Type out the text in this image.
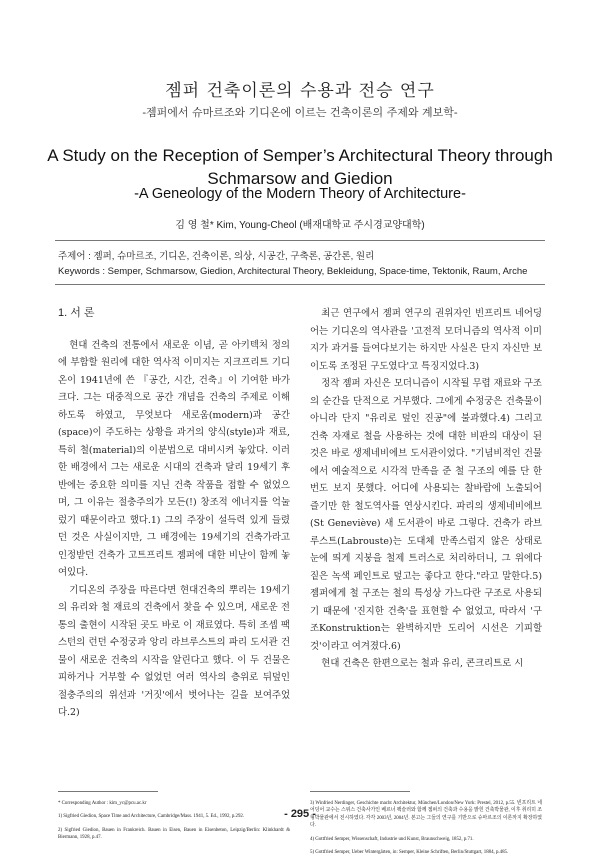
젬퍼 건축이론의 수용과 전승 연구
-젬퍼에서 슈마르조와 기디온에 이르는 건축이론의 주제와 계보학-
A Study on the Reception of Semper’s Architectural Theory through
Schmarsow and Giedion
-A Geneology of the Modern Theory of Architecture-
김 영 철* Kim, Young-Cheol (배재대학교 주시경교양대학)
주제어 : 젬퍼, 슈마르조, 기디온, 건축이론, 의상, 시공간, 구축론, 공간론, 원리
Keywords : Semper, Schmarsow, Giedion, Architectural Theory, Bekleidung, Space-time, Tektonik, Raum, Arche

1. 서 론

현대 건축의 전통에서 새로운 이념, 곧 아키텍처 정의에 부합할 원리에 대한 역사적 이미지는 지크프리트 기디온이 1941년에 쓴 『공간, 시간, 건축』이 기여한 바가 크다. 그는 대중적으로 공간 개념을 건축의 주제로 이해하도록 하였고, 무엇보다 새로움(modern)과 공간(space)이 주도하는 상황을 과거의 양식(style)과 재료, 특히 철(material)의 이분법으로 대비시켜 놓았다. 이러한 배경에서 그는 새로운 시대의 건축과 달리 19세기 후반에는 중요한 의미를 지닌 건축 작품을 접할 수 없었으며, 그 이유는 절충주의가 모든(!) 창조적 에너지를 억눌렀기 때문이라고 했다.1) 그의 주장이 설득력 있게 들렸던 것은 사실이지만, 그 배경에는 19세기의 건축가라고 인정받던 건축가 고트프리트 젬퍼에 대한 비난이 함께 놓여있다.

기디온의 주장을 따른다면 현대건축의 뿌리는 19세기의 유리와 철 재료의 건축에서 찾을 수 있으며, 새로운 전통의 출현이 시작된 곳도 바로 이 재료였다. 특히 조셉 팩스턴의 런던 수정궁과 앙리 라브루스트의 파리 도서관 건물이 새로운 건축의 시작을 알린다고 했다. 이 두 건물은 피하거나 거부할 수 없었던 여러 역사의 층위로 뒤덮인 절충주의의 위선과 '거짓'에서 벗어나는 길을 보여주었다.2)

최근 연구에서 젬퍼 연구의 권위자인 빈프리트 네어딩어는 기디온의 역사관을 '고전적 모더니즘의 역사적 이미지가 과거를 들여다보기는 하지만 사실은 단지 자신만 보이도록 조정된 구도였다'고 특징지었다.3)

정작 젬퍼 자신은 모더니즘이 시작될 무렵 재료와 구조의 순간을 단적으로 거부했다. 그에게 수정궁은 건축물이 아니라 단지 "유리로 덮인 진공"에 불과했다.4) 그리고 건축 자재로 철을 사용하는 것에 대한 비판의 대상이 된 것은 바로 생제네비에브 도서관이었다. "기념비적인 건물에서 예술적으로 시각적 만족을 준 철 구조의 예를 단 한 번도 보지 못했다. 어디에 사용되는 찰바람에 노출되어 즐기만 한 철도역사를 연상시킨다. 파리의 생제네비에브(St Geneviève) 새 도서관이 바로 그렇다. 건축가 라브루스트(Labrouste)는 도대체 만족스럽지 않은 상태로 눈에 띄게 지붕을 철제 트러스로 처리하더니, 그 위에다 짙은 녹색 페인트로 덮고는 좋다고 한다."라고 말한다.5) 젬퍼에게 철 구조는 철의 특성상 가느다란 구조로 사용되기 때문에 '진지한 건축'을 표현할 수 없었고, 따라서 '구조Konstruktion는 완벽하지만 도리어 시선은 기피할 것'이라고 여겨졌다.6)

현대 건축은 한편으로는 철과 유리, 콘크리트로 시

* Corresponding Author : kim_yc@pcu.ac.kr

1) Sigfried Giedion, Space Time and Architecture, Cambridge/Mass. 1941, 5. Ed., 1992, p.292.

2) Sigfried Giedion, Bauen in Frankreich. Bauen in Eisen, Bauen in Eisenbeton, Leipzig/Berlin: Klinkhardt & Biermann, 1928, p.47.

3) Winfried Nerdinger, Geschichte macht Architektur, München/London/New York: Prestel, 2012, p.55. 빈프리트 네어딩어 교수는 스위스 건축사가인 베르너 왝슬러와 함께 젬퍼의 건축과 수용을 밝힌 건축박물관, 이후 취리히 조형박물관에서 전시하였다. 각각 2003년, 2004년. 본고는 그들의 연구를 기반으로 슈마르조의 이론까지 확장하였다.

4) Gottfried Semper, Wissenschaft, Industrie und Kunst, Braunschweig, 1852, p.71.

5) Gottfried Semper, Ueber Wintergärten, in: Semper, Kleine Schriften, Berlin/Stuttgart, 1884, p.485.

- 295 -
